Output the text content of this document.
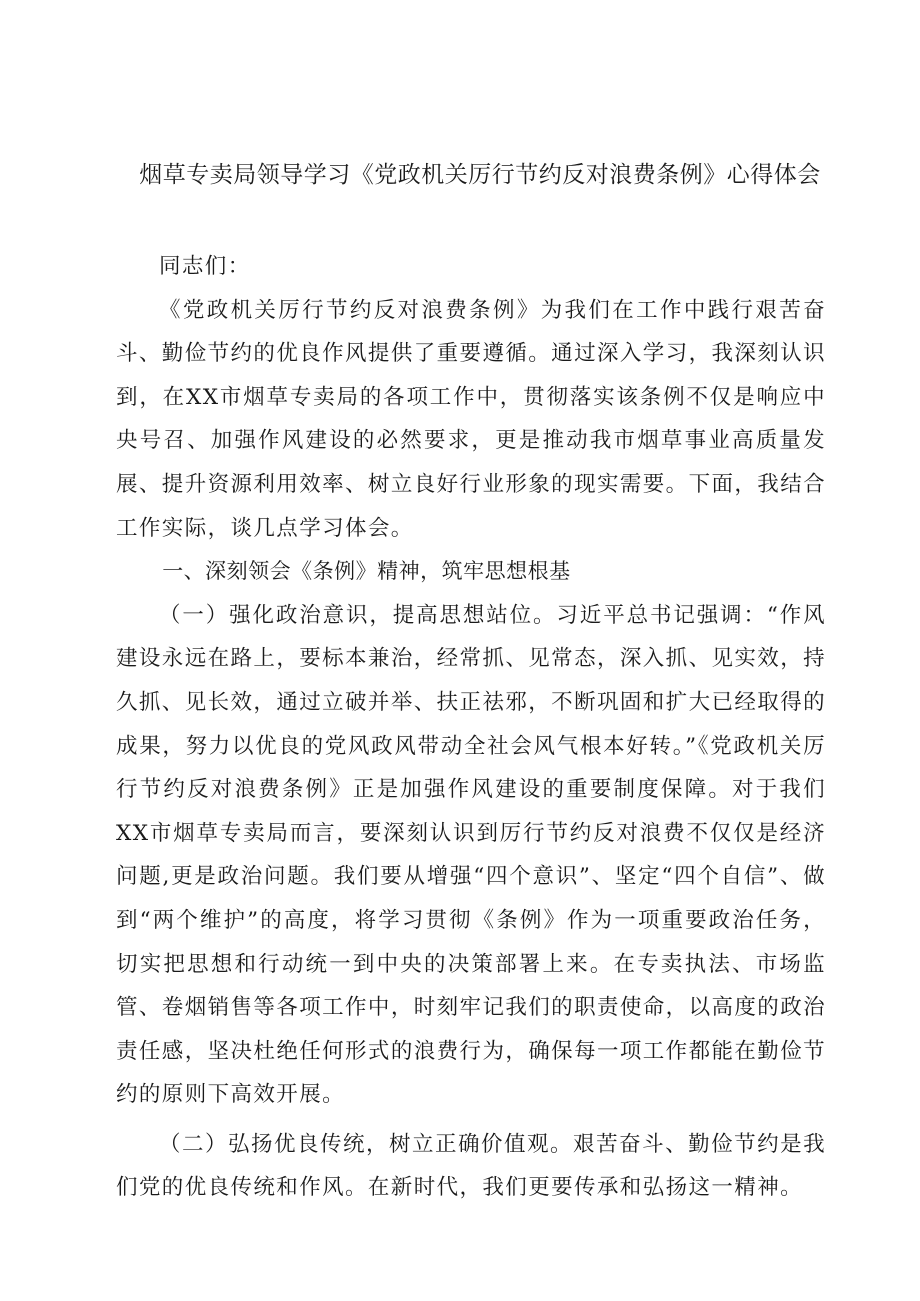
烟草专卖局领导学习《党政机关厉行节约反对浪费条例》心得体会

同志们：

《党政机关厉行节约反对浪费条例》为我们在工作中践行艰苦奋斗、勤俭节约的优良作风提供了重要遵循。通过深入学习，我深刻认识到，在XX市烟草专卖局的各项工作中，贯彻落实该条例不仅是响应中央号召、加强作风建设的必然要求，更是推动我市烟草事业高质量发展、提升资源利用效率、树立良好行业形象的现实需要。下面，我结合工作实际，谈几点学习体会。

一、深刻领会《条例》精神，筑牢思想根基

（一）强化政治意识，提高思想站位。习近平总书记强调：“作风建设永远在路上，要标本兼治，经常抓、见常态，深入抓、见实效，持久抓、见长效，通过立破并举、扶正祛邪，不断巩固和扩大已经取得的成果，努力以优良的党风政风带动全社会风气根本好转。”《党政机关厉行节约反对浪费条例》正是加强作风建设的重要制度保障。对于我们XX市烟草专卖局而言，要深刻认识到厉行节约反对浪费不仅仅是经济问题,更是政治问题。我们要从增强“四个意识”、坚定“四个自信”、做到“两个维护”的高度，将学习贯彻《条例》作为一项重要政治任务，切实把思想和行动统一到中央的决策部署上来。在专卖执法、市场监管、卷烟销售等各项工作中，时刻牢记我们的职责使命，以高度的政治责任感，坚决杜绝任何形式的浪费行为，确保每一项工作都能在勤俭节约的原则下高效开展。

（二）弘扬优良传统，树立正确价值观。艰苦奋斗、勤俭节约是我们党的优良传统和作风。在新时代，我们更要传承和弘扬这一精神。
